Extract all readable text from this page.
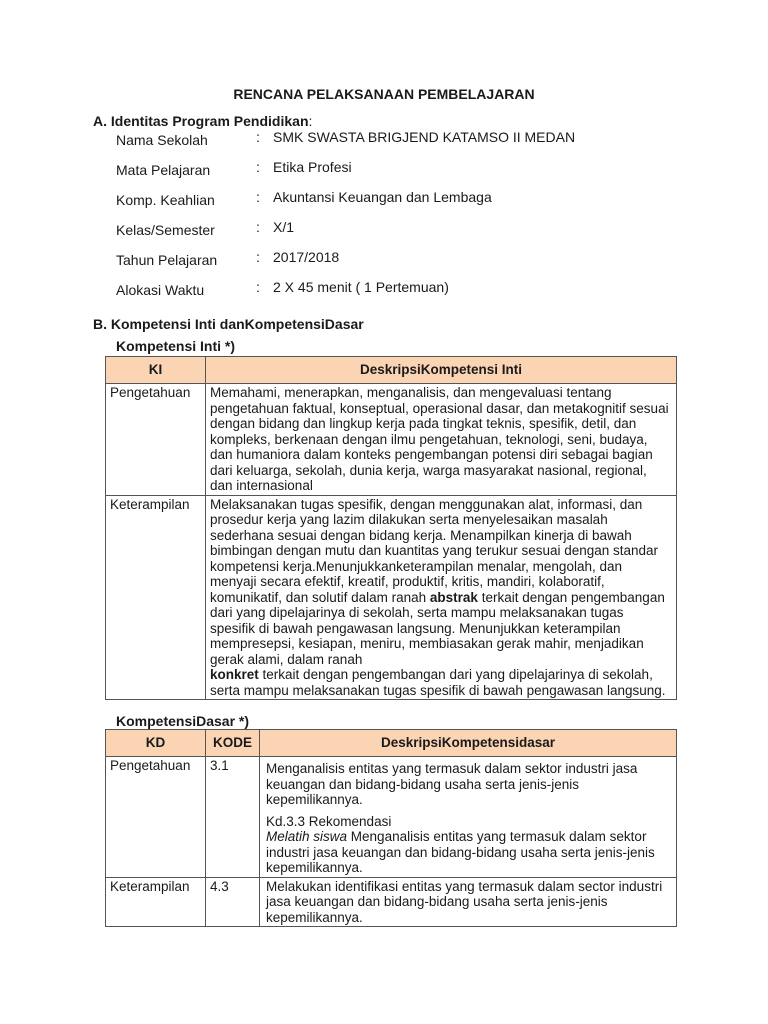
RENCANA PELAKSANAAN PEMBELAJARAN
A. Identitas Program Pendidikan:
Nama Sekolah	: SMK SWASTA BRIGJEND KATAMSO II MEDAN
Mata Pelajaran	: Etika Profesi
Komp. Keahlian	: Akuntansi Keuangan dan Lembaga
Kelas/Semester	: X/1
Tahun Pelajaran	: 2017/2018
Alokasi Waktu	: 2 X 45 menit ( 1 Pertemuan)
B. Kompetensi Inti danKompetensiDasar
Kompetensi Inti *)
KI	DeskripsiKompetensi Inti
Pengetahuan	Memahami, menerapkan, menganalisis, dan mengevaluasi tentang pengetahuan faktual, konseptual, operasional dasar, dan metakognitif sesuai dengan bidang dan lingkup kerja pada tingkat teknis, spesifik, detil, dan kompleks, berkenaan dengan ilmu pengetahuan, teknologi, seni, budaya, dan humaniora dalam konteks pengembangan potensi diri sebagai bagian dari keluarga, sekolah, dunia kerja, warga masyarakat nasional, regional, dan internasional
Keterampilan	Melaksanakan tugas spesifik, dengan menggunakan alat, informasi, dan prosedur kerja yang lazim dilakukan serta menyelesaikan masalah sederhana sesuai dengan bidang kerja. Menampilkan kinerja di bawah bimbingan dengan mutu dan kuantitas yang terukur sesuai dengan standar kompetensi kerja.Menunjukkanketerampilan menalar, mengolah, dan menyaji secara efektif, kreatif, produktif, kritis, mandiri, kolaboratif, komunikatif, dan solutif dalam ranah abstrak terkait dengan pengembangan dari yang dipelajarinya di sekolah, serta mampu melaksanakan tugas spesifik di bawah pengawasan langsung. Menunjukkan keterampilan mempresepsi, kesiapan, meniru, membiasakan gerak mahir, menjadikan gerak alami, dalam ranah
konkret terkait dengan pengembangan dari yang dipelajarinya di sekolah, serta mampu melaksanakan tugas spesifik di bawah pengawasan langsung.
KompetensiDasar *)
KD	KODE	DeskripsiKompetensidasar
Pengetahuan	3.1	Menganalisis entitas yang termasuk dalam sektor industri jasa keuangan dan bidang-bidang usaha serta jenis-jenis kepemilikannya.

Kd.3.3 Rekomendasi

Melatih siswa Menganalisis entitas yang termasuk dalam sektor industri jasa keuangan dan bidang-bidang usaha serta jenis-jenis kepemilikannya.

Keterampilan	4.3	Melakukan identifikasi entitas yang termasuk dalam sector industri jasa keuangan dan bidang-bidang usaha serta jenis-jenis kepemilikannya.
